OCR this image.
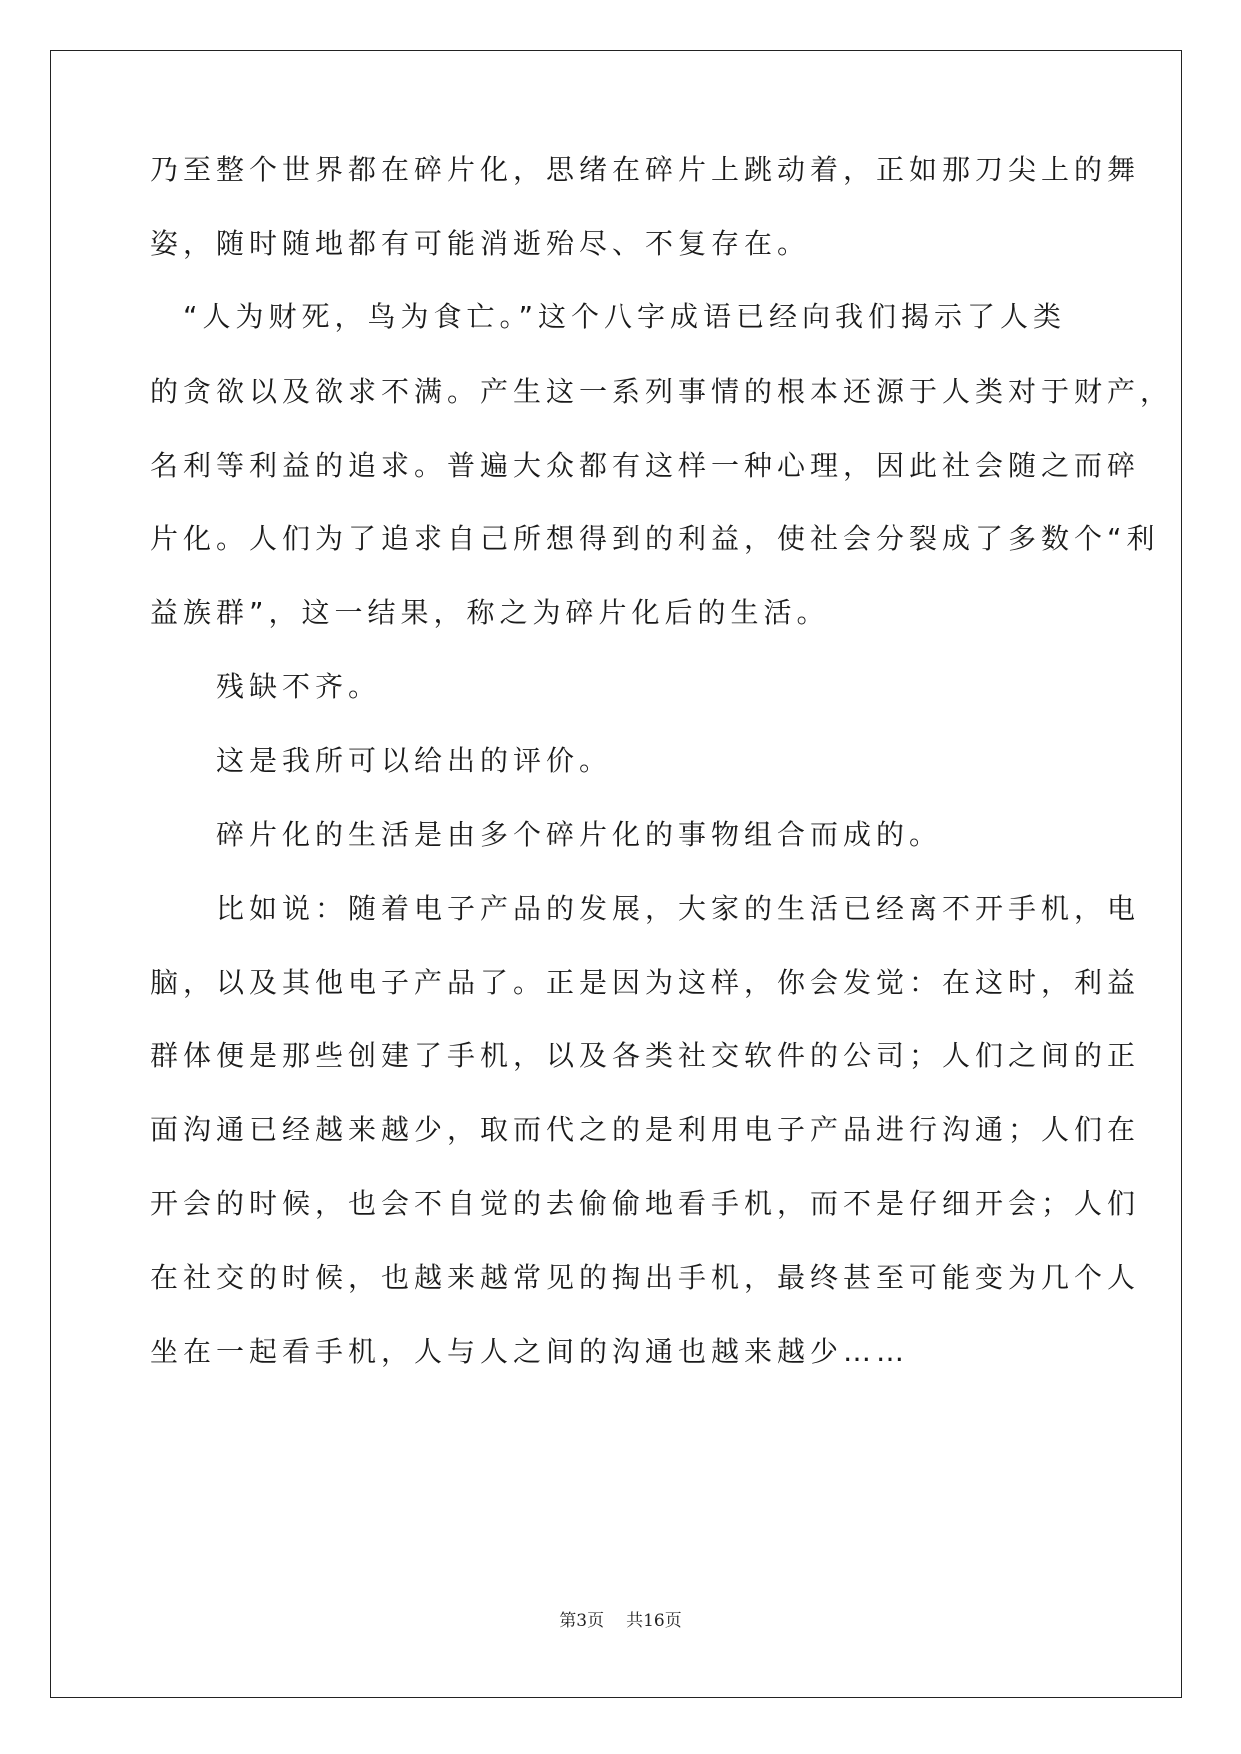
乃至整个世界都在碎片化，思绪在碎片上跳动着，正如那刀尖上的舞
姿，随时随地都有可能消逝殆尽、不复存在。
　“人为财死，鸟为食亡。”这个八字成语已经向我们揭示了人类
的贪欲以及欲求不满。产生这一系列事情的根本还源于人类对于财产，
名利等利益的追求。普遍大众都有这样一种心理，因此社会随之而碎
片化。人们为了追求自己所想得到的利益，使社会分裂成了多数个“利
益族群”，这一结果，称之为碎片化后的生活。
　　残缺不齐。
　　这是我所可以给出的评价。
　　碎片化的生活是由多个碎片化的事物组合而成的。
　　比如说：随着电子产品的发展，大家的生活已经离不开手机，电
脑，以及其他电子产品了。正是因为这样，你会发觉：在这时，利益
群体便是那些创建了手机，以及各类社交软件的公司；人们之间的正
面沟通已经越来越少，取而代之的是利用电子产品进行沟通；人们在
开会的时候，也会不自觉的去偷偷地看手机，而不是仔细开会；人们
在社交的时候，也越来越常见的掏出手机，最终甚至可能变为几个人
坐在一起看手机，人与人之间的沟通也越来越少……
第3页 共16页
